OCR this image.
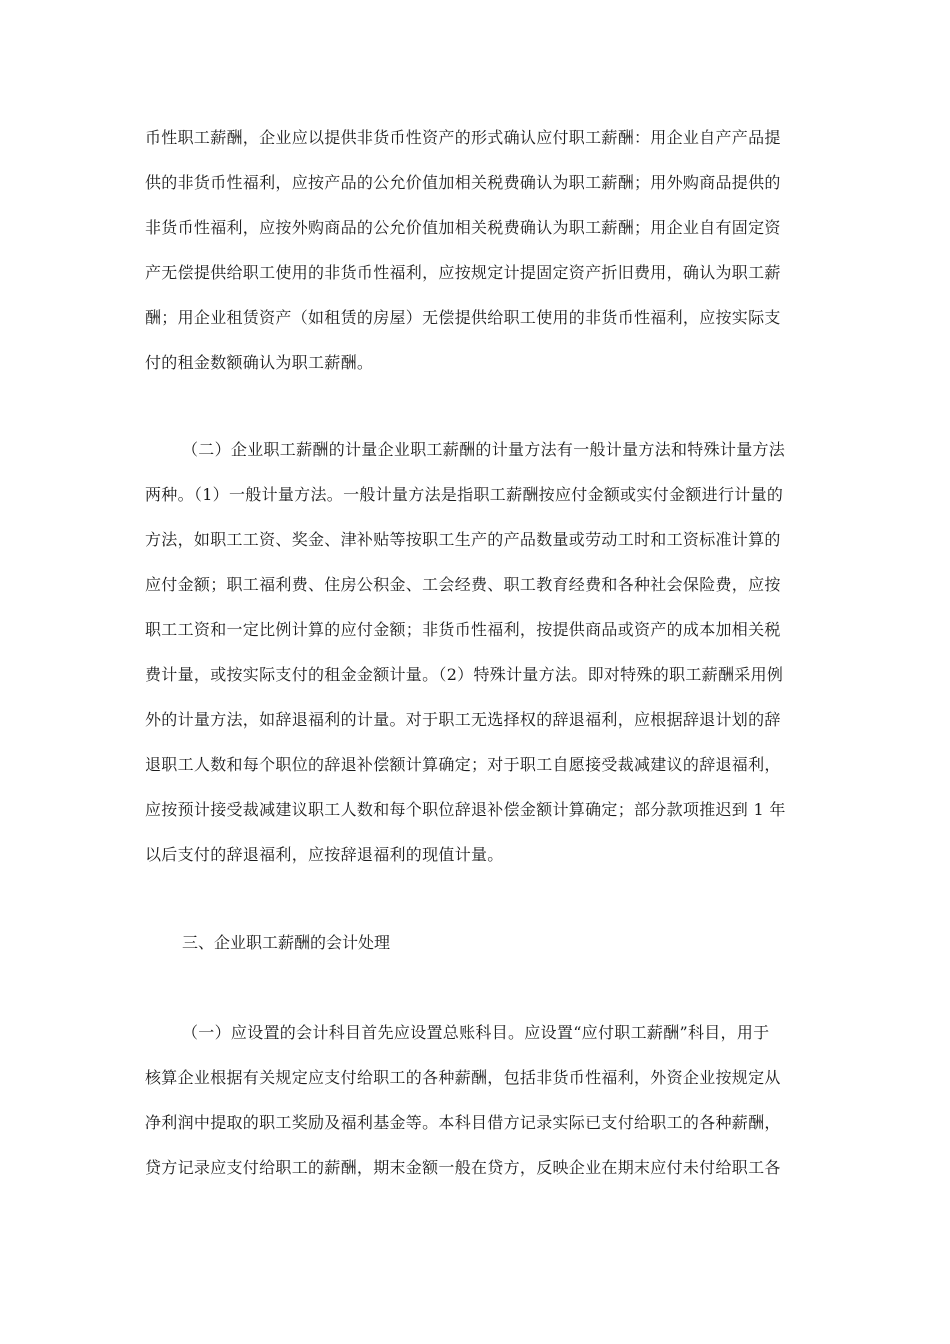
币性职工薪酬，企业应以提供非货币性资产的形式确认应付职工薪酬：用企业自产产品提
供的非货币性福利，应按产品的公允价值加相关税费确认为职工薪酬；用外购商品提供的
非货币性福利，应按外购商品的公允价值加相关税费确认为职工薪酬；用企业自有固定资
产无偿提供给职工使用的非货币性福利，应按规定计提固定资产折旧费用，确认为职工薪
酬；用企业租赁资产（如租赁的房屋）无偿提供给职工使用的非货币性福利，应按实际支
付的租金数额确认为职工薪酬。
（二）企业职工薪酬的计量企业职工薪酬的计量方法有一般计量方法和特殊计量方法
两种。（1）一般计量方法。一般计量方法是指职工薪酬按应付金额或实付金额进行计量的
方法，如职工工资、奖金、津补贴等按职工生产的产品数量或劳动工时和工资标准计算的
应付金额；职工福利费、住房公积金、工会经费、职工教育经费和各种社会保险费，应按
职工工资和一定比例计算的应付金额；非货币性福利，按提供商品或资产的成本加相关税
费计量，或按实际支付的租金金额计量。（2）特殊计量方法。即对特殊的职工薪酬采用例
外的计量方法，如辞退福利的计量。对于职工无选择权的辞退福利，应根据辞退计划的辞
退职工人数和每个职位的辞退补偿额计算确定；对于职工自愿接受裁减建议的辞退福利，
应按预计接受裁减建议职工人数和每个职位辞退补偿金额计算确定；部分款项推迟到 1 年
以后支付的辞退福利，应按辞退福利的现值计量。
三、企业职工薪酬的会计处理
（一）应设置的会计科目首先应设置总账科目。应设置“应付职工薪酬”科目，用于
核算企业根据有关规定应支付给职工的各种薪酬，包括非货币性福利，外资企业按规定从
净利润中提取的职工奖励及福利基金等。本科目借方记录实际已支付给职工的各种薪酬，
贷方记录应支付给职工的薪酬，期末金额一般在贷方，反映企业在期末应付未付给职工各
